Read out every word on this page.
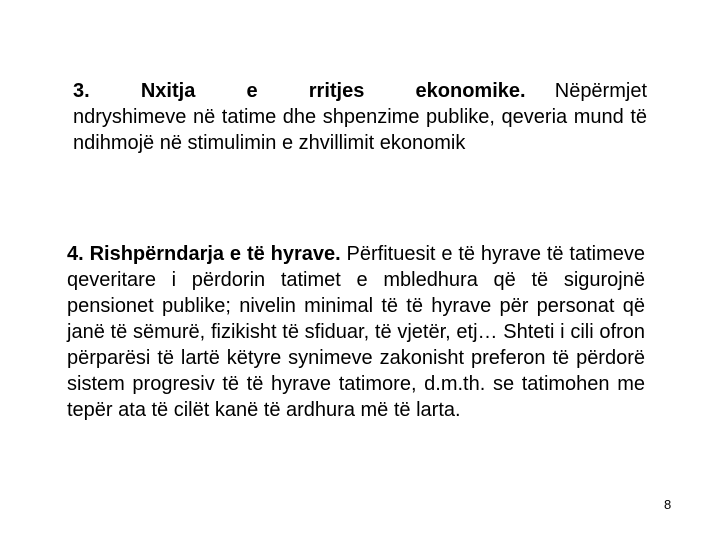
3. Nxitja e rritjes ekonomike. Nëpërmjet ndryshimeve në tatime dhe shpenzime publike, qeveria mund të ndihmojë në stimulimin e zhvillimit ekonomik

4. Rishpërndarja e të hyrave. Përfituesit e të hyrave të tatimeve qeveritare i përdorin tatimet e mbledhura që të sigurojnë pensionet publike; nivelin minimal të të hyrave për personat që janë të sëmurë, fizikisht të sfiduar, të vjetër, etj… Shteti i cili ofron përparësi të lartë këtyre synimeve zakonisht preferon të përdorë sistem progresiv të të hyrave tatimore, d.m.th. se tatimohen me tepër ata të cilët kanë të ardhura më të larta.

8
